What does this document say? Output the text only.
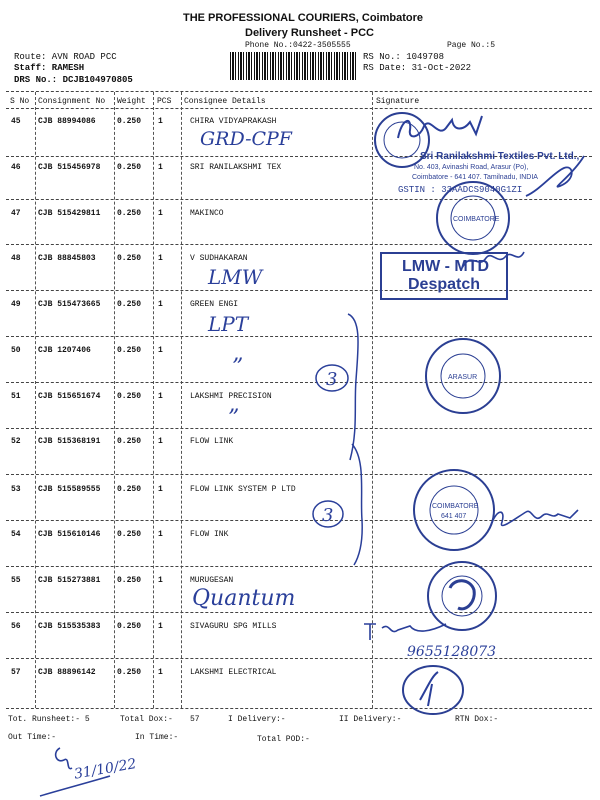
THE PROFESSIONAL COURIERS, Coimbatore
Delivery Runsheet - PCC
Phone No.:0422-3505555	Page No.:5
Route: AVN ROAD PCC
Staff: RAMESH
DRS No.: DCJB104970805
RS No.: 1049708
RS Date: 31-Oct-2022
S No Consignment No Weight PCS Consignee Details	Signature
45 CJB 88994086	0.250 1	CHIRA VIDYAPRAKASH
46 CJB 515456978 0.250 1	SRI RANILAKSHMI TEX
47 CJB 515429811 0.250 1	MAKINCO
48 CJB 88845803	0.250 1	V SUDHAKARAN
49 CJB 515473665 0.250 1	GREEN ENGI
50 CJB 1207406	0.250 1
51 CJB 515651674 0.250 1	LAKSHMI PRECISION
52 CJB 515368191 0.250 1	FLOW LINK
53 CJB 515589555 0.250 1	FLOW LINK SYSTEM P LTD
54 CJB 515610146 0.250 1	FLOW INK
55 CJB 515273881 0.250 1	MURUGESAN
56 CJB 515535383 0.250 1	SIVAGURU SPG MILLS
57 CJB 88896142	0.250 1	LAKSHMI ELECTRICAL
GRD-CPF
LMW
LPT
”
”
Quantum
9655128073
3
3
Sri Ranilakshmi Textiles Pvt. Ltd.,
No. 403, Avinashi Road, Arasur (Po),
Coimbatore - 641 407. Tamilnadu, INDIA
GSTIN : 33AADCS9040G1ZI
COIMBATORE
LMW - MTD
Despatch
ARASUR
COIMBATORE
641 407
Tot. Runsheet:- 5	Total Dox:- 57	I Delivery:-	II Delivery:-	RTN Dox:-
Out Time:-	In Time:-	Total POD:-
31/10/22
